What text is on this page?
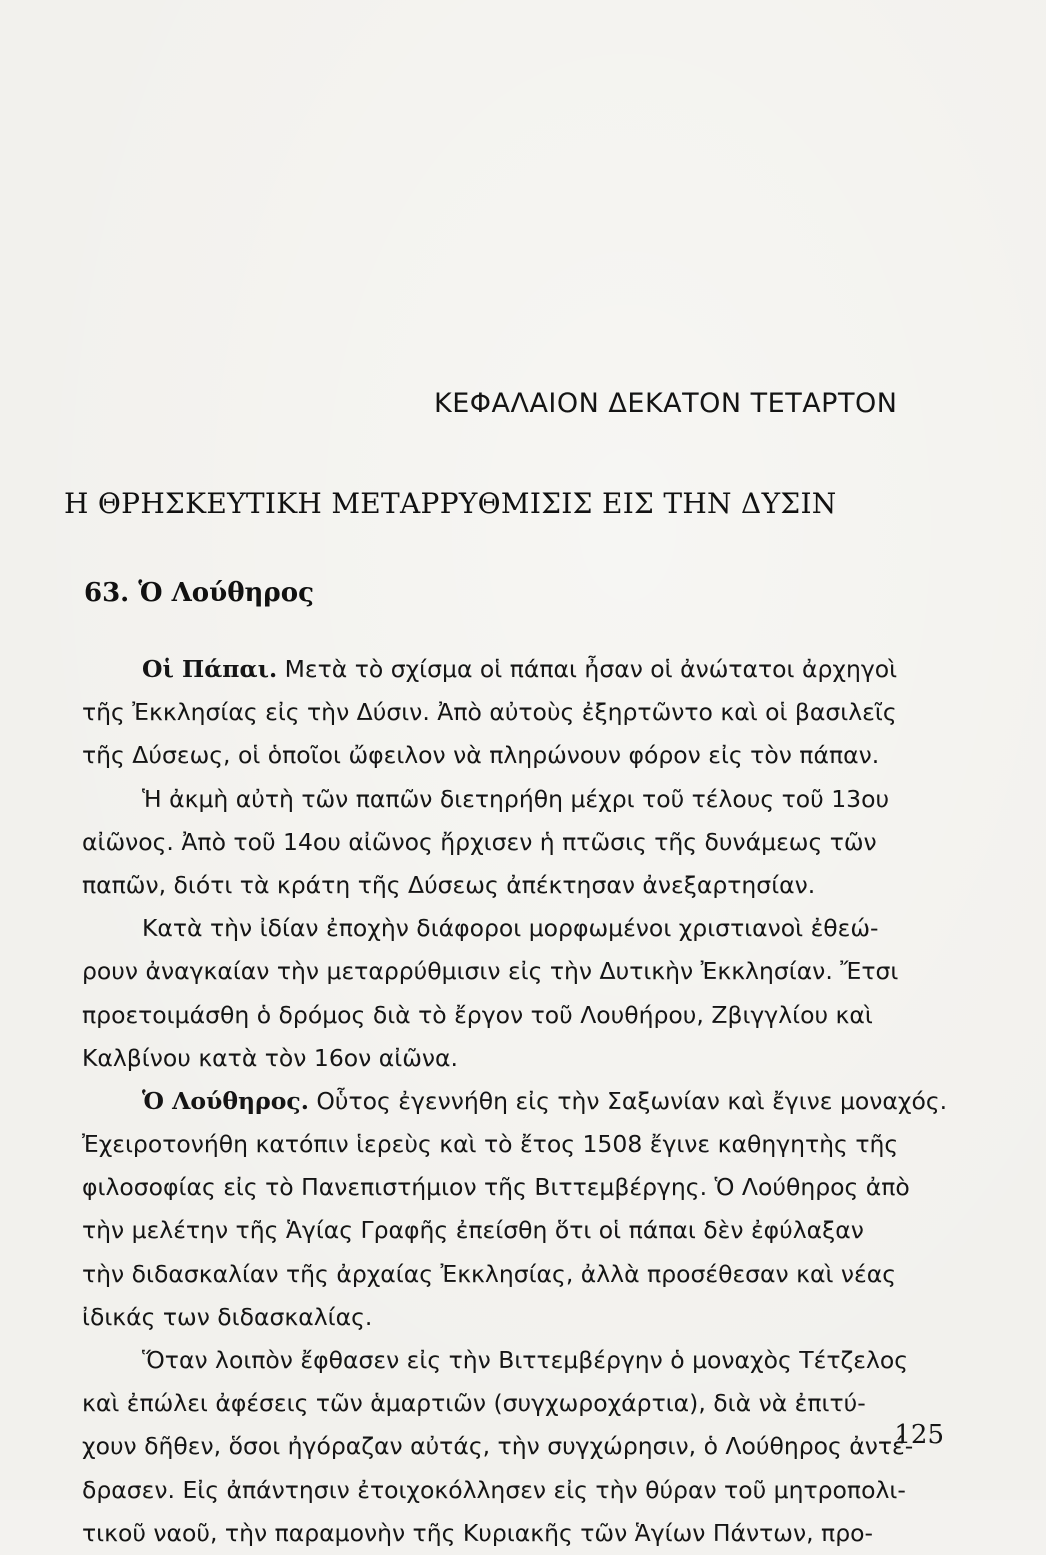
ΚΕΦΑΛΑΙΟΝ ΔΕΚΑΤΟΝ ΤΕΤΑΡΤΟΝ
Η ΘΡΗΣΚΕΥΤΙΚΗ ΜΕΤΑΡΡΥΘΜΙΣΙΣ ΕΙΣ ΤΗΝ ΔΥΣΙΝ
63. Ὁ Λούθηρος
Οἱ Πάπαι. Μετὰ τὸ σχίσμα οἱ πάπαι ἦσαν οἱ ἀνώτατοι ἀρχηγοὶ
τῆς Ἐκκλησίας εἰς τὴν Δύσιν. Ἀπὸ αὐτοὺς ἐξηρτῶντο καὶ οἱ βασιλεῖς
τῆς Δύσεως, οἱ ὁποῖοι ὤφειλον νὰ πληρώνουν φόρον εἰς τὸν πάπαν.
Ἡ ἀκμὴ αὐτὴ τῶν παπῶν διετηρήθη μέχρι τοῦ τέλους τοῦ 13ου
αἰῶνος. Ἀπὸ τοῦ 14ου αἰῶνος ἤρχισεν ἡ πτῶσις τῆς δυνάμεως τῶν
παπῶν, διότι τὰ κράτη τῆς Δύσεως ἀπέκτησαν ἀνεξαρτησίαν.
Κατὰ τὴν ἰδίαν ἐποχὴν διάφοροι μορφωμένοι χριστιανοὶ ἐθεώ-
ρουν ἀναγκαίαν τὴν μεταρρύθμισιν εἰς τὴν Δυτικὴν Ἐκκλησίαν. Ἔτσι
προετοιμάσθη ὁ δρόμος διὰ τὸ ἔργον τοῦ Λουθήρου, Ζβιγγλίου καὶ
Καλβίνου κατὰ τὸν 16ον αἰῶνα.
Ὁ Λούθηρος. Οὗτος ἐγεννήθη εἰς τὴν Σαξωνίαν καὶ ἔγινε μοναχός.
Ἐχειροτονήθη κατόπιν ἱερεὺς καὶ τὸ ἔτος 1508 ἔγινε καθηγητὴς τῆς
φιλοσοφίας εἰς τὸ Πανεπιστήμιον τῆς Βιττεμβέργης. Ὁ Λούθηρος ἀπὸ
τὴν μελέτην τῆς Ἁγίας Γραφῆς ἐπείσθη ὅτι οἱ πάπαι δὲν ἐφύλαξαν
τὴν διδασκαλίαν τῆς ἀρχαίας Ἐκκλησίας, ἀλλὰ προσέθεσαν καὶ νέας
ἰδικάς των διδασκαλίας.
Ὅταν λοιπὸν ἔφθασεν εἰς τὴν Βιττεμβέργην ὁ μοναχὸς Τέτζελος
καὶ ἐπώλει ἀφέσεις τῶν ἁμαρτιῶν (συγχωροχάρτια), διὰ νὰ ἐπιτύ-
χουν δῆθεν, ὅσοι ἠγόραζαν αὐτάς, τὴν συγχώρησιν, ὁ Λούθηρος ἀντέ-
δρασεν. Εἰς ἀπάντησιν ἐτοιχοκόλλησεν εἰς τὴν θύραν τοῦ μητροπολι-
τικοῦ ναοῦ, τὴν παραμονὴν τῆς Κυριακῆς τῶν Ἁγίων Πάντων, προ-

125
